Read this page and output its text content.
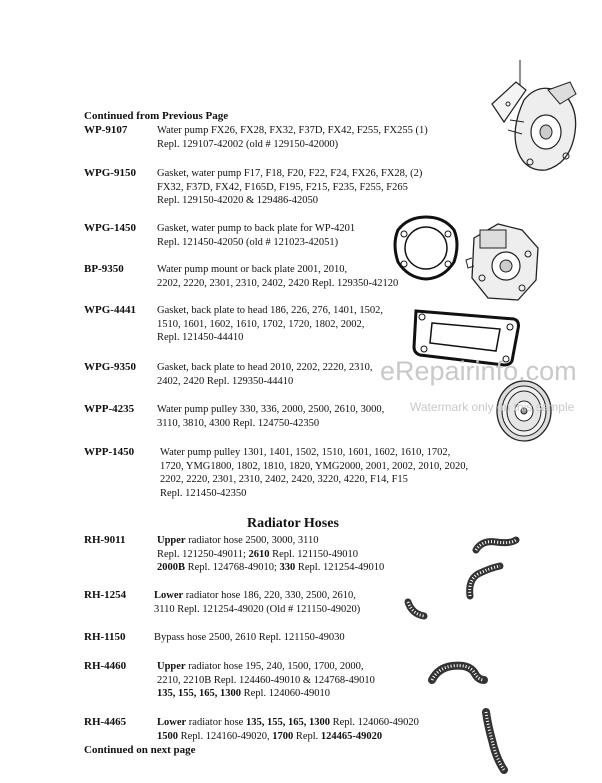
eRepairinfo.com
Watermark only on this sample
Continued from Previous Page
WP-9107	Water pump FX26, FX28, FX32, F37D, FX42, F255, FX255 (1)
Repl. 129107-42002 (old # 129150-42000)
WPG-9150 Gasket, water pump F17, F18, F20, F22, F24, FX26, FX28, (2)
FX32, F37D, FX42, F165D, F195, F215, F235, F255, F265
Repl. 129150-42020 & 129486-42050
WPG-1450 Gasket, water pump to back plate for WP-4201
Repl. 121450-42050 (old # 121023-42051)
BP-9350	Water pump mount or back plate 2001, 2010,
2202, 2220, 2301, 2310, 2402, 2420 Repl. 129350-42120
WPG-4441 Gasket, back plate to head 186, 226, 276, 1401, 1502,
1510, 1601, 1602, 1610, 1702, 1720, 1802, 2002,
Repl. 121450-44410
WPG-9350 Gasket, back plate to head 2010, 2202, 2220, 2310,
2402, 2420 Repl. 129350-44410
WPP-4235 Water pump pulley 330, 336, 2000, 2500, 2610, 3000,
3110, 3810, 4300 Repl. 124750-42350
WPP-1450 Water pump pulley 1301, 1401, 1502, 1510, 1601, 1602, 1610, 1702,
1720, YMG1800, 1802, 1810, 1820, YMG2000, 2001, 2002, 2010, 2020,
2202, 2220, 2301, 2310, 2402, 2420, 3220, 4220, F14, F15
Repl. 121450-42350
Radiator Hoses
RH-9011	Upper radiator hose 2500, 3000, 3110
Repl. 121250-49011; 2610 Repl. 121150-49010
2000B Repl. 124768-49010; 330 Repl. 121254-49010
RH-1254	Lower radiator hose 186, 220, 330, 2500, 2610,
3110 Repl. 121254-49020 (Old # 121150-49020)
RH-1150	Bypass hose 2500, 2610 Repl. 121150-49030
RH-4460	Upper radiator hose 195, 240, 1500, 1700, 2000,
2210, 2210B Repl. 124460-49010 & 124768-49010
135, 155, 165, 1300 Repl. 124060-49010
RH-4465	Lower radiator hose 135, 155, 165, 1300 Repl. 124060-49020
1500 Repl. 124160-49020, 1700 Repl. 124465-49020
Continued on next page
